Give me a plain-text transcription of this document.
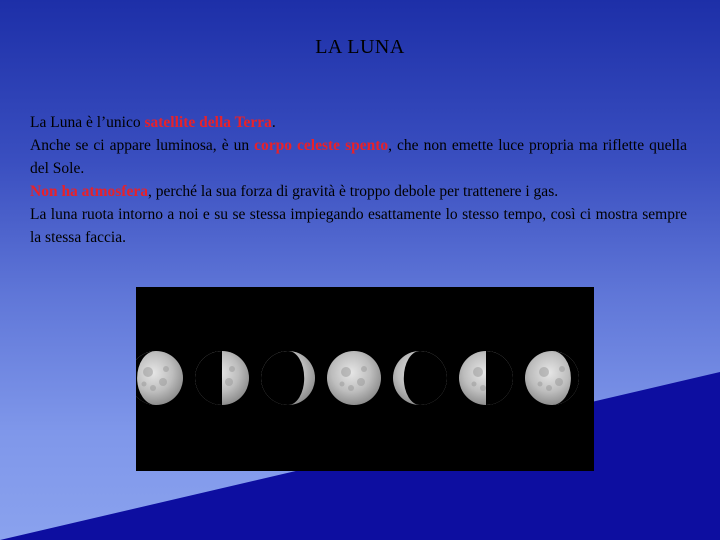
LA LUNA

La Luna è l’unico satellite della Terra.

Anche se ci appare luminosa, è un corpo celeste spento, che non emette luce propria ma riflette quella del Sole.

Non ha atmosfera, perché la sua forza di gravità è troppo debole per trattenere i gas.

La luna ruota intorno a noi e su se stessa impiegando esattamente lo stesso tempo, così ci mostra sempre la stessa faccia.
